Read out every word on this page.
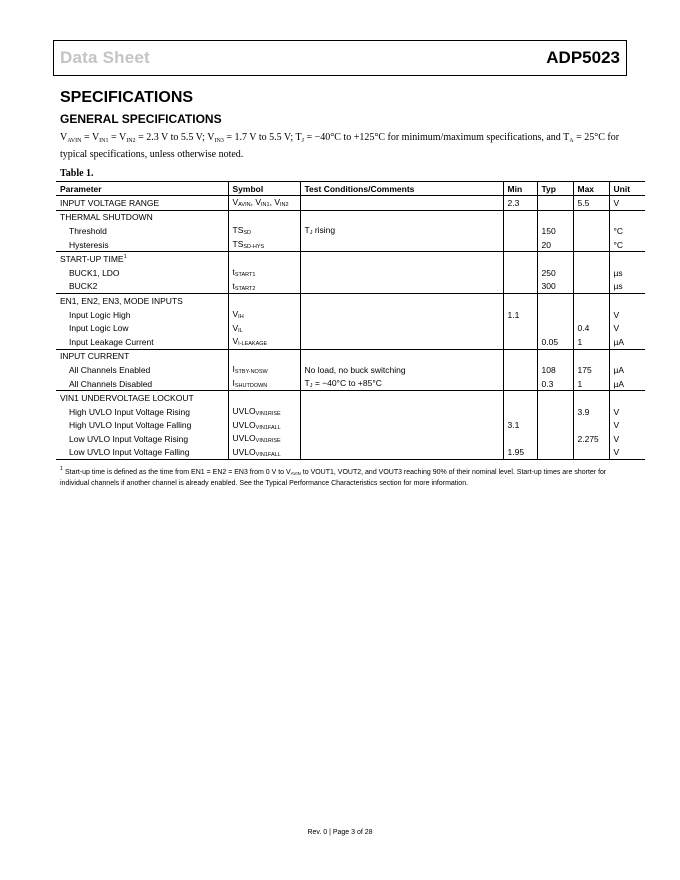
Data Sheet	ADP5023
SPECIFICATIONS
GENERAL SPECIFICATIONS
$V_{AVIN} = V_{IN1} = V_{IN2} = 2.3$ V to 5.5 V; $V_{IN3} = 1.7$ V to 5.5 V; $T_J = -40^\circ C$ to +125°C for minimum/maximum specifications, and $T_A = 25^\circ C$ for typical specifications, unless otherwise noted.
Table 1.
Parameter	Symbol	Test Conditions/Comments	Min	Typ	Max	Unit
INPUT VOLTAGE RANGE	$V_{AVIN}$, $V_{IN1}$, $V_{IN2}$		2.3		5.5	V
THERMAL SHUTDOWN						
Threshold	$TS_{SD}$	$T_J$ rising		150		°C
Hysteresis	$TS_{SD-HYS}$			20		°C
START-UP TIME$^1$						
BUCK1, LDO	$t_{START1}$			250		µs
BUCK2	$t_{START2}$			300		µs
EN1, EN2, EN3, MODE INPUTS						
Input Logic High	$V_{IH}$		1.1			V
Input Logic Low	$V_{IL}$				0.4	V
Input Leakage Current	$V_{I-LEAKAGE}$			0.05	1	µA
INPUT CURRENT						
All Channels Enabled	$I_{STBY-NOSW}$	No load, no buck switching		108	175	µA
All Channels Disabled	$I_{SHUTDOWN}$	$T_J = -40^\circ C$ to +85°C		0.3	1	µA
VIN1 UNDERVOLTAGE LOCKOUT						
High UVLO Input Voltage Rising	$UVLO_{VIN1RISE}$				3.9	V
High UVLO Input Voltage Falling	$UVLO_{VIN1FALL}$		3.1			V
Low UVLO Input Voltage Rising	$UVLO_{VIN1RISE}$				2.275	V
Low UVLO Input Voltage Falling	$UVLO_{VIN1FALL}$		1.95			V
$^1$ Start-up time is defined as the time from EN1 = EN2 = EN3 from 0 V to $V_{AVIN}$ to VOUT1, VOUT2, and VOUT3 reaching 90% of their nominal level. Start-up times are shorter for individual channels if another channel is already enabled. See the Typical Performance Characteristics section for more information.
Rev. 0 | Page 3 of 28
